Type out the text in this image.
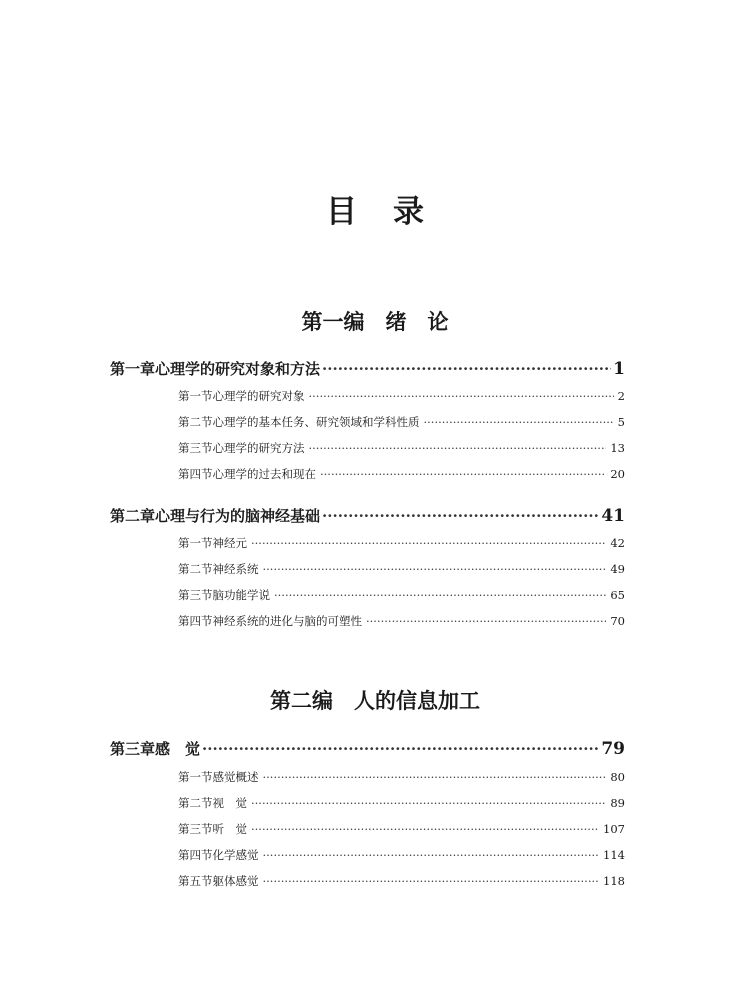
目 录
第一编　绪　论
第一章 心理学的研究对象和方法 ·····	1
第一节 心理学的研究对象 ·····	2
第二节 心理学的基本任务、研究领域和学科性质 ·····	5
第三节 心理学的研究方法 ·····	13
第四节 心理学的过去和现在 ·····	20
第二章 心理与行为的脑神经基础 ·····	41
第一节 神经元 ·····	42
第二节 神经系统 ·····	49
第三节 脑功能学说 ·····	65
第四节 神经系统的进化与脑的可塑性 ·····	70
第二编　人的信息加工
第三章 感　觉 ·····	79
第一节 感觉概述 ·····	80
第二节 视　觉 ·····	89
第三节 听　觉 ·····	107
第四节 化学感觉 ·····	114
第五节 躯体感觉 ·····	118
